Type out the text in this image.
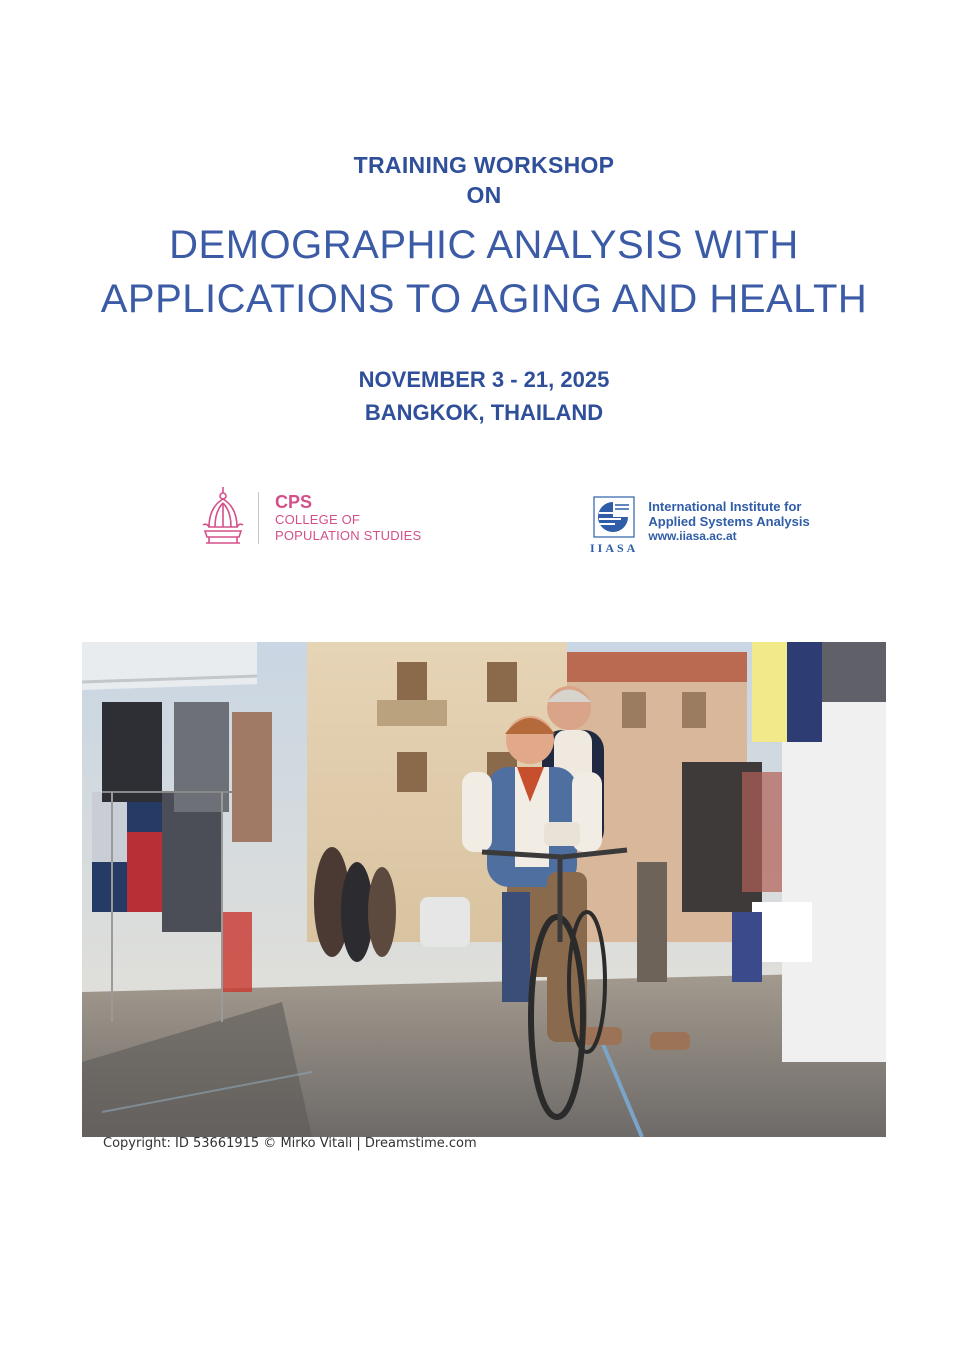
TRAINING WORKSHOP
ON
DEMOGRAPHIC ANALYSIS WITH
APPLICATIONS TO AGING AND HEALTH
NOVEMBER 3 - 21, 2025
BANGKOK, THAILAND
CPS
COLLEGE OF
POPULATION STUDIES
IIASA
International Institute for
Applied Systems Analysis
www.iiasa.ac.at
Copyright: ID 53661915 © Mirko Vitali | Dreamstime.com
